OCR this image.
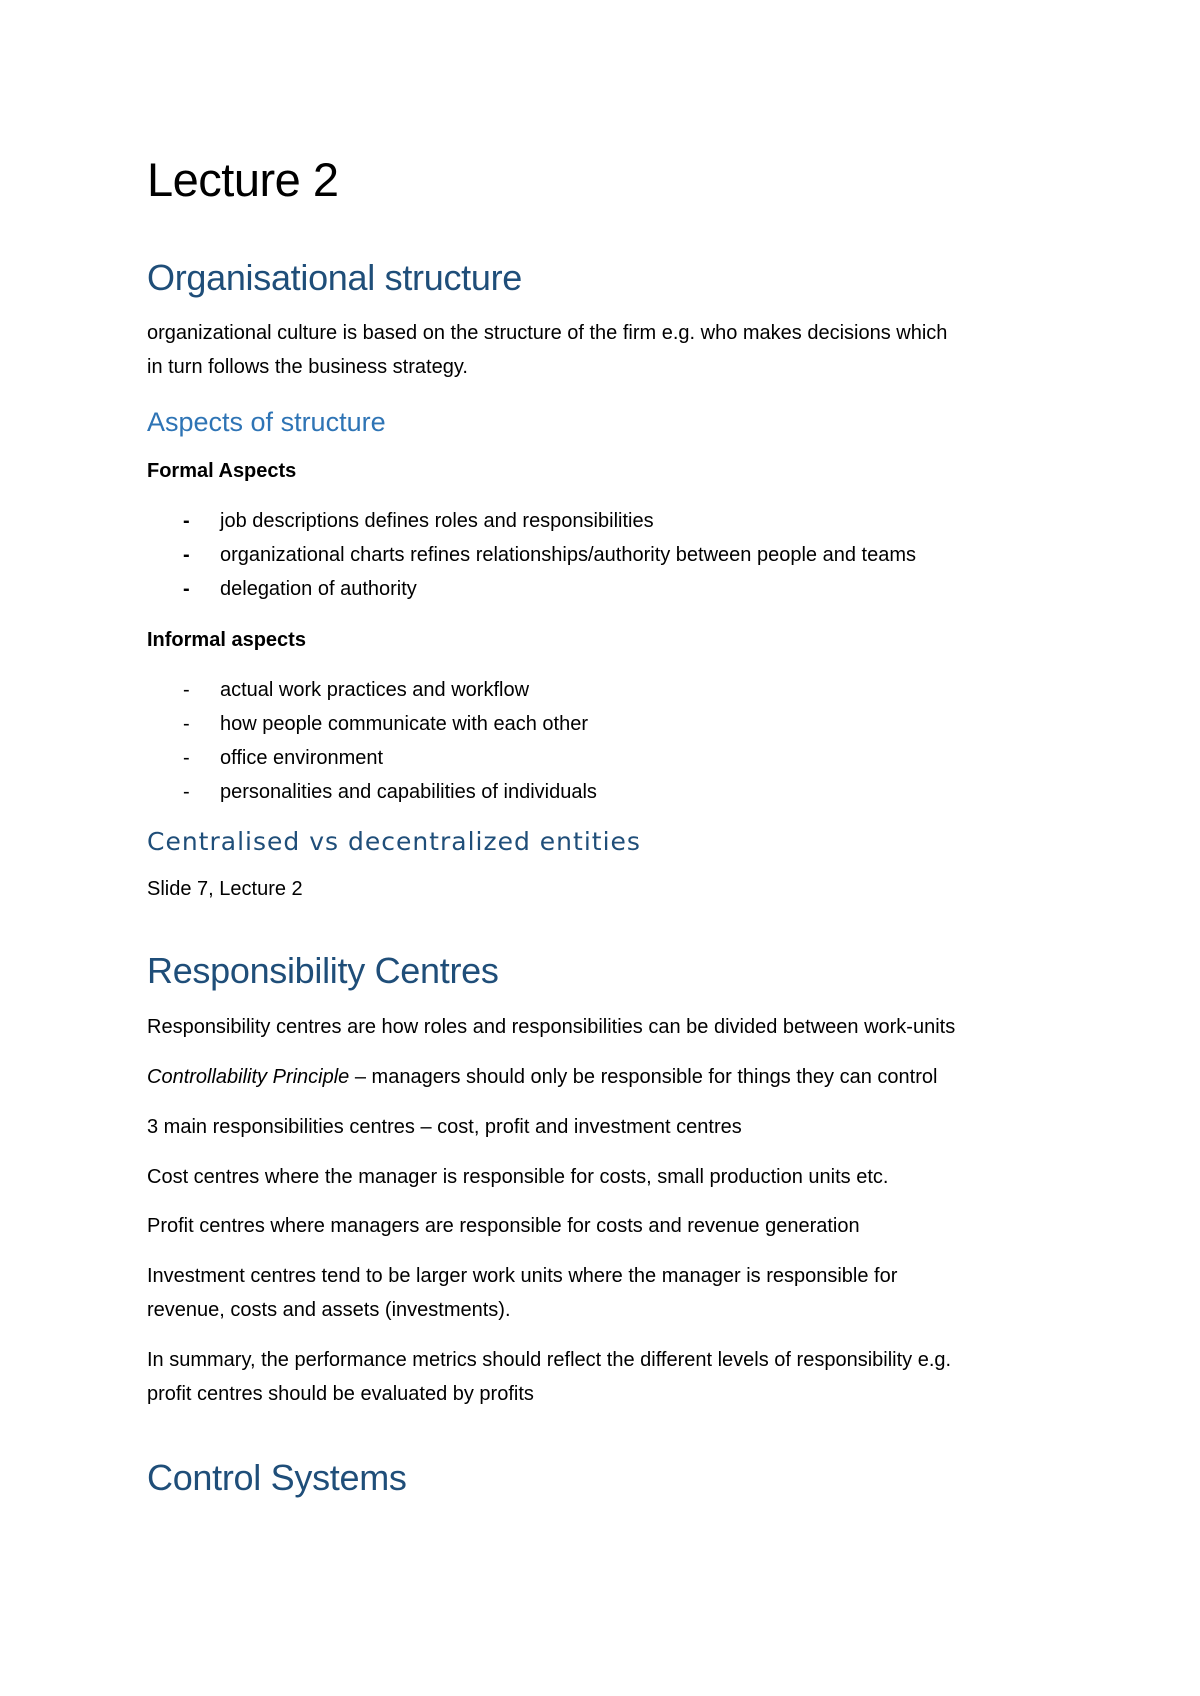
Lecture 2
Organisational structure

organizational culture is based on the structure of the firm e.g. who makes decisions which

in turn follows the business strategy.

Aspects of structure
Formal Aspects
- job descriptions defines roles and responsibilities
- organizational charts refines relationships/authority between people and teams
- delegation of authority
Informal aspects
- actual work practices and workflow
- how people communicate with each other
- office environment
- personalities and capabilities of individuals
Centralised vs decentralized entities

Slide 7, Lecture 2

Responsibility Centres

Responsibility centres are how roles and responsibilities can be divided between work-units

Controllability Principle – managers should only be responsible for things they can control

3 main responsibilities centres – cost, profit and investment centres

Cost centres where the manager is responsible for costs, small production units etc.

Profit centres where managers are responsible for costs and revenue generation

Investment centres tend to be larger work units where the manager is responsible for

revenue, costs and assets (investments).

In summary, the performance metrics should reflect the different levels of responsibility e.g.

profit centres should be evaluated by profits

Control Systems
